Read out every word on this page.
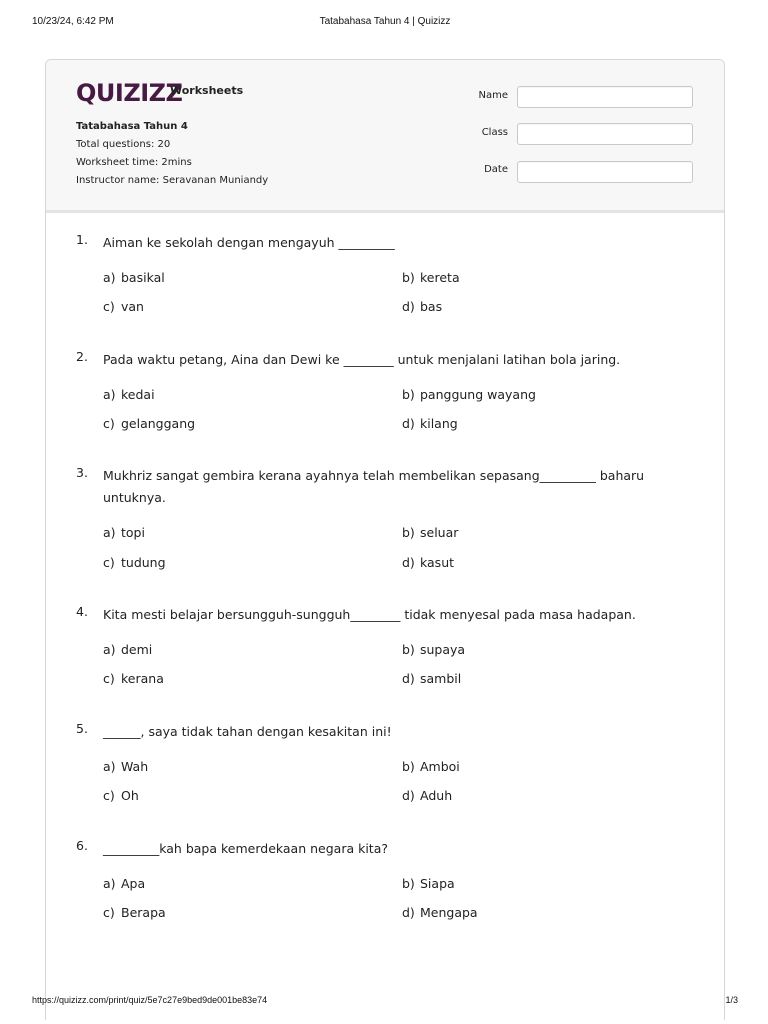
10/23/24, 6:42 PM	Tatabahasa Tahun 4 | Quizizz
QUIZIZZ
Worksheets
Tatabahasa Tahun 4
Total questions: 20
Worksheet time: 2mins
Instructor name: Seravanan Muniandy
Name
Class
Date
1. Aiman ke sekolah dengan mengayuh _________
a) basikal	b) kereta
c) van	d) bas
2. Pada waktu petang, Aina dan Dewi ke ________ untuk menjalani latihan bola jaring.
a) kedai	b) panggung wayang
c) gelanggang	d) kilang
3. Mukhriz sangat gembira kerana ayahnya telah membelikan sepasang_________ baharu untuknya.
a) topi	b) seluar
c) tudung	d) kasut
4. Kita mesti belajar bersungguh-sungguh________ tidak menyesal pada masa hadapan.
a) demi	b) supaya
c) kerana	d) sambil
5. ______, saya tidak tahan dengan kesakitan ini!
a) Wah	b) Amboi
c) Oh	d) Aduh
6. _________kah bapa kemerdekaan negara kita?
a) Apa	b) Siapa
c) Berapa	d) Mengapa
https://quizizz.com/print/quiz/5e7c27e9bed9de001be83e74	1/3
